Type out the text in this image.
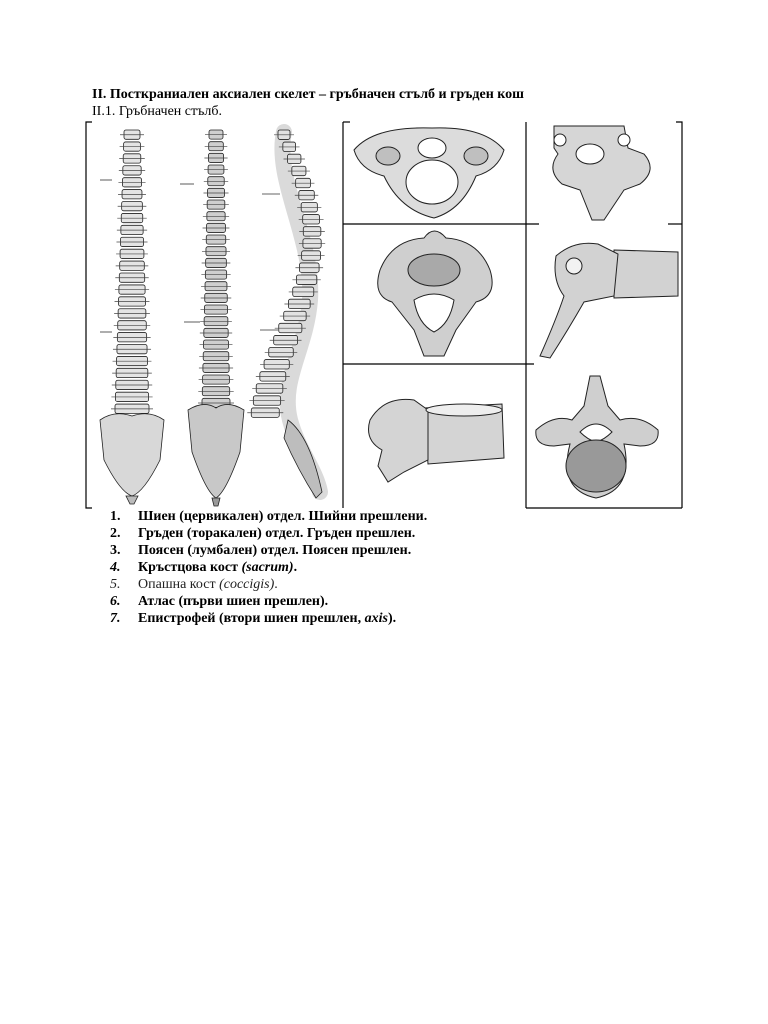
II. Посткраниален аксиален скелет – гръбначен стълб и гръден кош
II.1. Гръбначен стълб.
1. Шиен (цервикален) отдел. Шийни прешлени.
2. Гръден (торакален) отдел. Гръден прешлен.
3. Поясен (лумбален) отдел. Поясен прешлен.
4. Кръстцова кост (sacrum).
5. Опашна кост (coccigis).
6. Атлас (първи шиен прешлен).
7. Епистрофей (втори шиен прешлен, axis).
